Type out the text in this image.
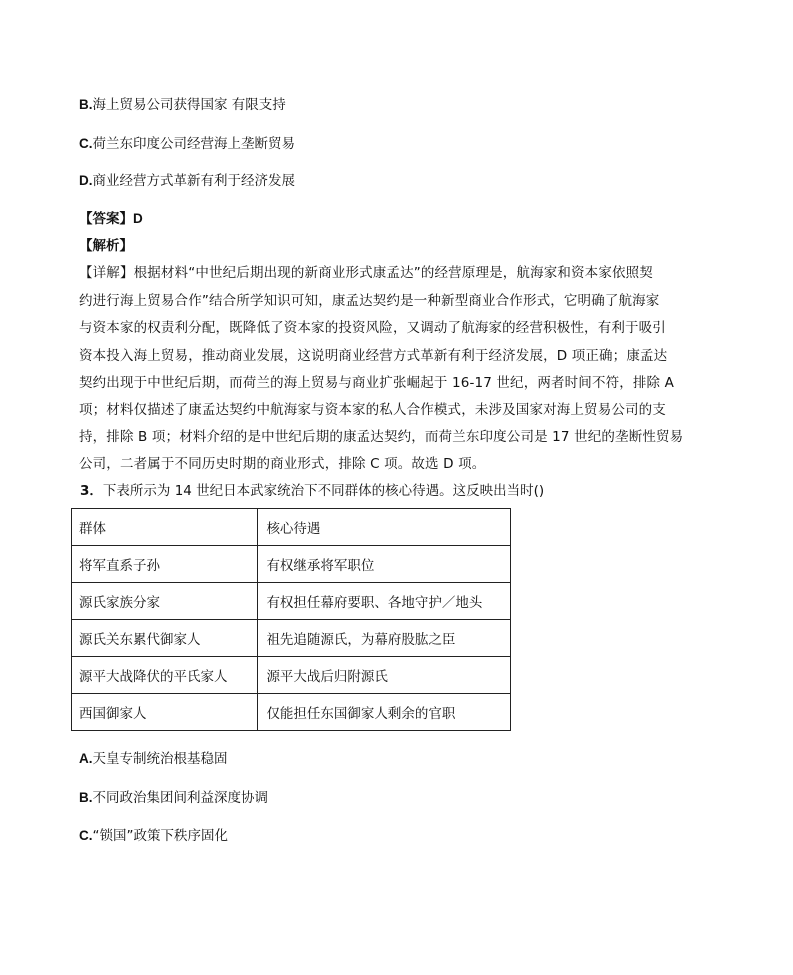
B.海上贸易公司获得国家 有限支持
C.荷兰东印度公司经营海上垄断贸易
D.商业经营方式革新有利于经济发展
【答案】D
【解析】
【详解】根据材料“中世纪后期出现的新商业形式康孟达”的经营原理是，航海家和资本家依照契
约进行海上贸易合作”结合所学知识可知，康孟达契约是一种新型商业合作形式，它明确了航海家
与资本家的权责利分配，既降低了资本家的投资风险，又调动了航海家的经营积极性，有利于吸引
资本投入海上贸易，推动商业发展，这说明商业经营方式革新有利于经济发展，D 项正确；康孟达
契约出现于中世纪后期，而荷兰的海上贸易与商业扩张崛起于 16-17 世纪，两者时间不符，排除 A
项；材料仅描述了康孟达契约中航海家与资本家的私人合作模式，未涉及国家对海上贸易公司的支
持，排除 B 项；材料介绍的是中世纪后期的康孟达契约，而荷兰东印度公司是 17 世纪的垄断性贸易
公司，二者属于不同历史时期的商业形式，排除 C 项。故选 D 项。
3．下表所示为 14 世纪日本武家统治下不同群体的核心待遇。这反映出当时()
群体	核心待遇
将军直系子孙	有权继承将军职位
源氏家族分家	有权担任幕府要职、各地守护／地头
源氏关东累代御家人	祖先追随源氏，为幕府股肱之臣
源平大战降伏的平氏家人	源平大战后归附源氏
西国御家人	仅能担任东国御家人剩余的官职
A.天皇专制统治根基稳固
B.不同政治集团间利益深度协调
C.“锁国”政策下秩序固化
